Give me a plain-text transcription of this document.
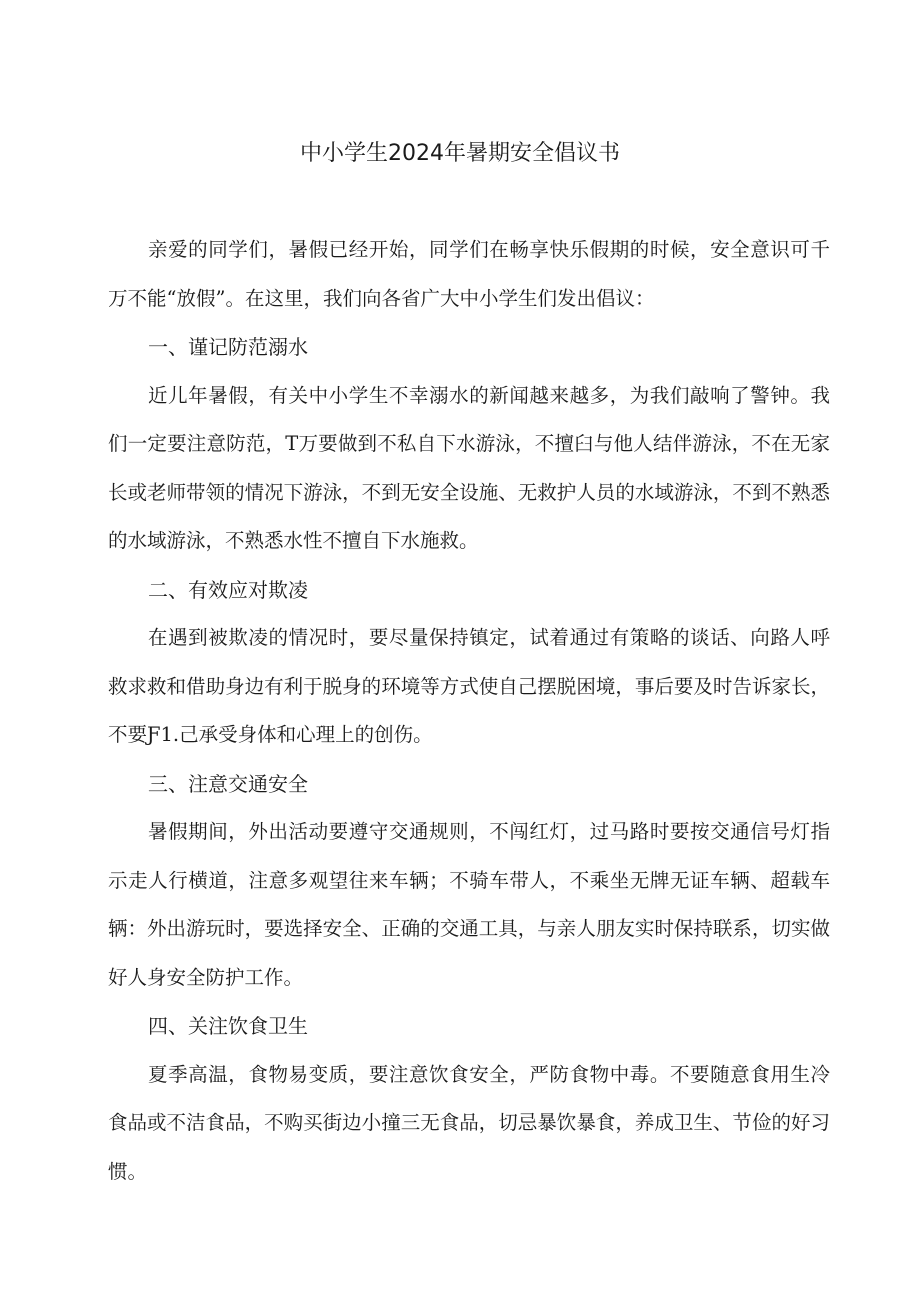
中小学生2024年暑期安全倡议书

亲爱的同学们，暑假已经开始，同学们在畅享快乐假期的时候，安全意识可千万不能“放假”。在这里，我们向各省广大中小学生们发出倡议：

一、谨记防范溺水

近儿年暑假，有关中小学生不幸溺水的新闻越来越多，为我们敲响了警钟。我们一定要注意防范，T万要做到不私自下水游泳，不擅臼与他人结伴游泳，不在无家长或老师带领的情况下游泳，不到无安全设施、无救护人员的水域游泳，不到不熟悉的水域游泳，不熟悉水性不擅自下水施救。

二、有效应对欺凌

在遇到被欺凌的情况时，要尽量保持镇定，试着通过有策略的谈话、向路人呼救求救和借助身边有利于脱身的环境等方式使自己摆脱困境，事后要及时告诉家长，不要Ƒ1.己承受身体和心理上的创伤。

三、注意交通安全

暑假期间，外出活动要遵守交通规则，不闯红灯，过马路时要按交通信号灯指示走人行横道，注意多观望往来车辆；不骑车带人，不乘坐无牌无证车辆、超载车辆：外出游玩时，要选择安全、正确的交通工具，与亲人朋友实时保持联系，切实做好人身安全防护工作。

四、关注饮食卫生

夏季高温，食物易变质，要注意饮食安全，严防食物中毒。不要随意食用生冷食品或不洁食品，不购买街边小撞三无食品，切忌暴饮暴食，养成卫生、节俭的好习惯。
